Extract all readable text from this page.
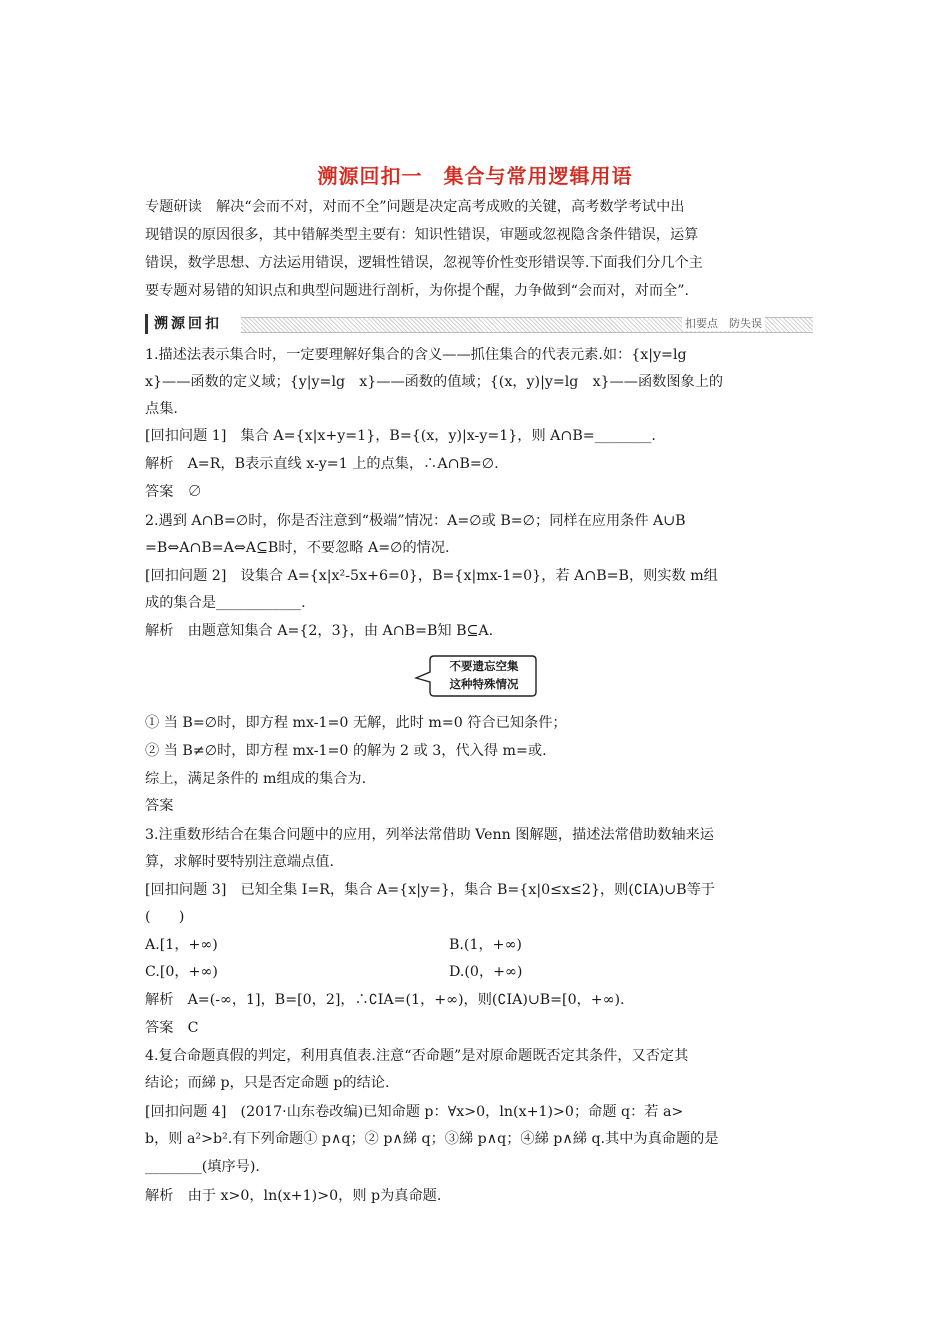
溯源回扣一　集合与常用逻辑用语
专题研读　解决“会而不对，对而不全”问题是决定高考成败的关键，高考数学考试中出
现错误的原因很多，其中错解类型主要有：知识性错误，审题或忽视隐含条件错误，运算
错误，数学思想、方法运用错误，逻辑性错误，忽视等价性变形错误等.下面我们分几个主
要专题对易错的知识点和典型问题进行剖析，为你提个醒，力争做到“会而对，对而全”.
溯源回扣	扣要点　防失误
1.描述法表示集合时，一定要理解好集合的含义——抓住集合的代表元素.如：{x|y=lg
x}——函数的定义域；{y|y=lg　x}——函数的值域；{(x，y)|y=lg　x}——函数图象上的
点集.
[回扣问题 1]　集合 A={x|x+y=1}，B={(x，y)|x-y=1}，则 A∩B=________.
解析　A=R，B表示直线 x-y=1 上的点集，∴A∩B=∅.
答案　∅
2.遇到 A∩B=∅时，你是否注意到“极端”情况：A=∅或 B=∅；同样在应用条件 A∪B
=B⇔A∩B=A⇔A⊆B时，不要忽略 A=∅的情况.
[回扣问题 2]　设集合 A={x|x²-5x+6=0}，B={x|mx-1=0}，若 A∩B=B，则实数 m组
成的集合是____________.
解析　由题意知集合 A={2，3}，由 A∩B=B知 B⊆A.
不要遗忘空集
这种特殊情况
① 当 B=∅时，即方程 mx-1=0 无解，此时 m=0 符合已知条件；
② 当 B≠∅时，即方程 mx-1=0 的解为 2 或 3，代入得 m=或.
综上，满足条件的 m组成的集合为.
答案
3.注重数形结合在集合问题中的应用，列举法常借助 Venn 图解题，描述法常借助数轴来运
算，求解时要特别注意端点值.
[回扣问题 3]　已知全集 I=R，集合 A={x|y=}，集合 B={x|0≤x≤2}，则(∁IA)∪B等于
(　　)
A.[1，+∞)	B.(1，+∞)
C.[0，+∞)	D.(0，+∞)
解析　A=(-∞，1]，B=[0，2]，∴∁IA=(1，+∞)，则(∁IA)∪B=[0，+∞).
答案　C
4.复合命题真假的判定，利用真值表.注意“否命题”是对原命题既否定其条件，又否定其
结论；而綈 p，只是否定命题 p的结论.
[回扣问题 4]　(2017·山东卷改编)已知命题 p：∀x>0，ln(x+1)>0；命题 q：若 a>
b，则 a²>b².有下列命题① p∧q；② p∧綈 q；③綈 p∧q；④綈 p∧綈 q.其中为真命题的是
________(填序号).
解析　由于 x>0，ln(x+1)>0，则 p为真命题.
